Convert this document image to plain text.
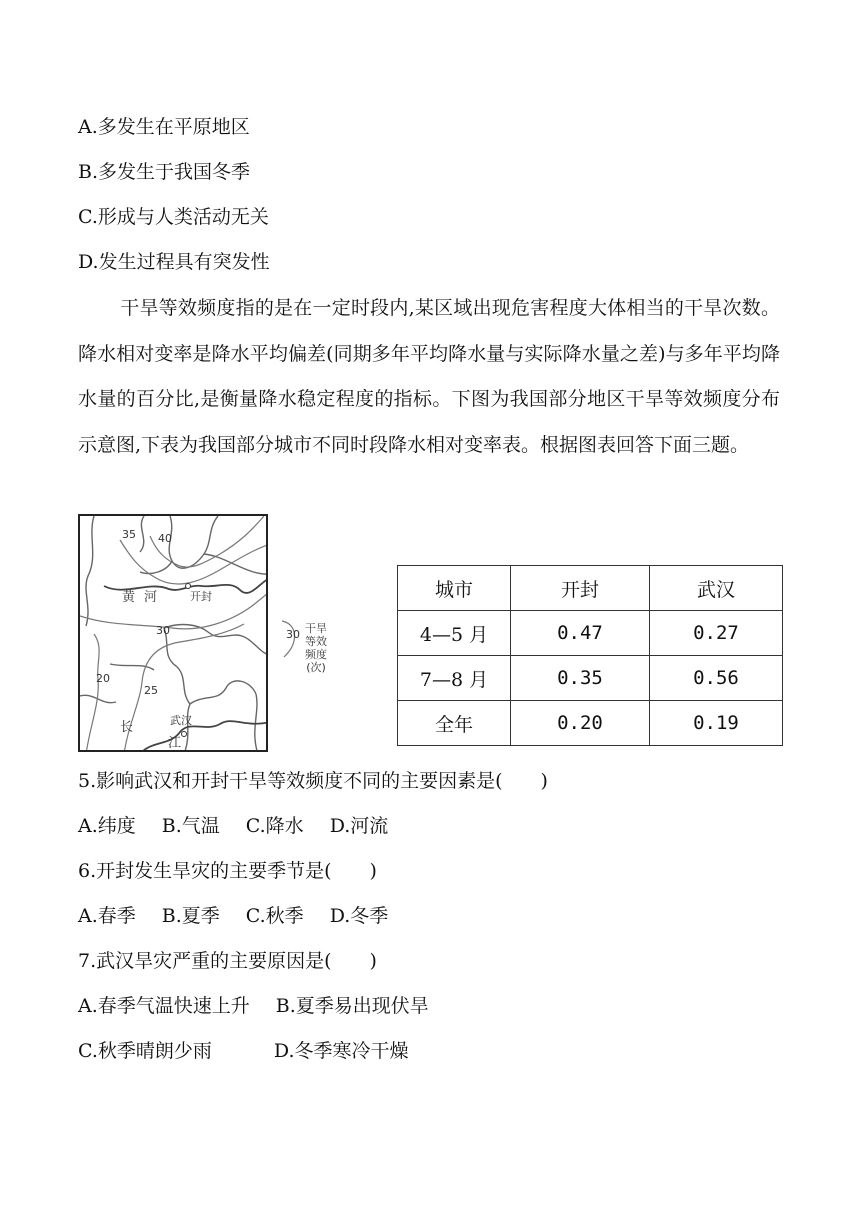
A.多发生在平原地区
B.多发生于我国冬季
C.形成与人类活动无关
D.发生过程具有突发性
干旱等效频度指的是在一定时段内,某区域出现危害程度大体相当的干旱次数。降水相对变率是降水平均偏差(同期多年平均降水量与实际降水量之差)与多年平均降水量的百分比,是衡量降水稳定程度的指标。下图为我国部分地区干旱等效频度分布示意图,下表为我国部分城市不同时段降水相对变率表。根据图表回答下面三题。
35 40
黄 河	开封
30
20
25
武汉
长
江
30 干旱等效频度(次)
城市	开封	武汉
4—5 月	0.47	0.27
7—8 月	0.35	0.56
全年	0.20	0.19
5.影响武汉和开封干旱等效频度不同的主要因素是(　　)
A.纬度 B.气温 C.降水 D.河流
6.开封发生旱灾的主要季节是(　　)
A.春季 B.夏季 C.秋季 D.冬季
7.武汉旱灾严重的主要原因是(　　)
A.春季气温快速上升 B.夏季易出现伏旱
C.秋季晴朗少雨	D.冬季寒冷干燥
